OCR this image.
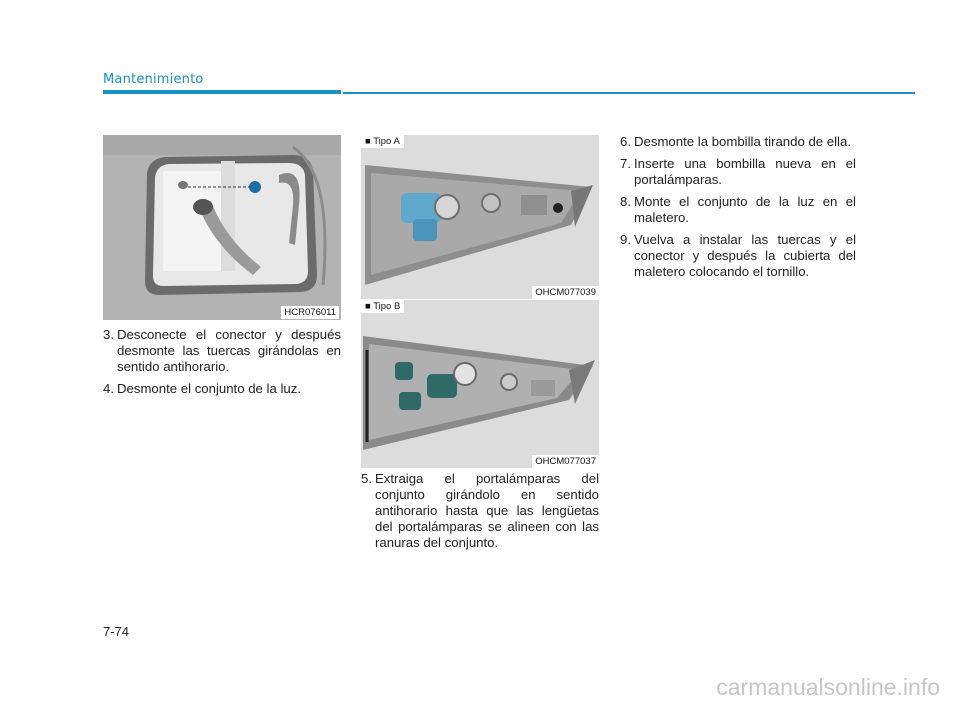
Mantenimiento
HCR076011
■ Tipo A
OHCM077039
■ Tipo B
OHCM077037
3. Desconecte el conector y después desmonte las tuercas girándolas en sentido antihorario.
4. Desmonte el conjunto de la luz.
5. Extraiga el portalámparas del conjunto girándolo en sentido antihorario hasta que las lengüetas del portalámparas se alineen con las ranuras del conjunto.
6. Desmonte la bombilla tirando de ella.
7. Inserte una bombilla nueva en el portalámparas.
8. Monte el conjunto de la luz en el maletero.
9. Vuelva a instalar las tuercas y el conector y después la cubierta del maletero colocando el tornillo.
7-74
carmanualsonline.info
